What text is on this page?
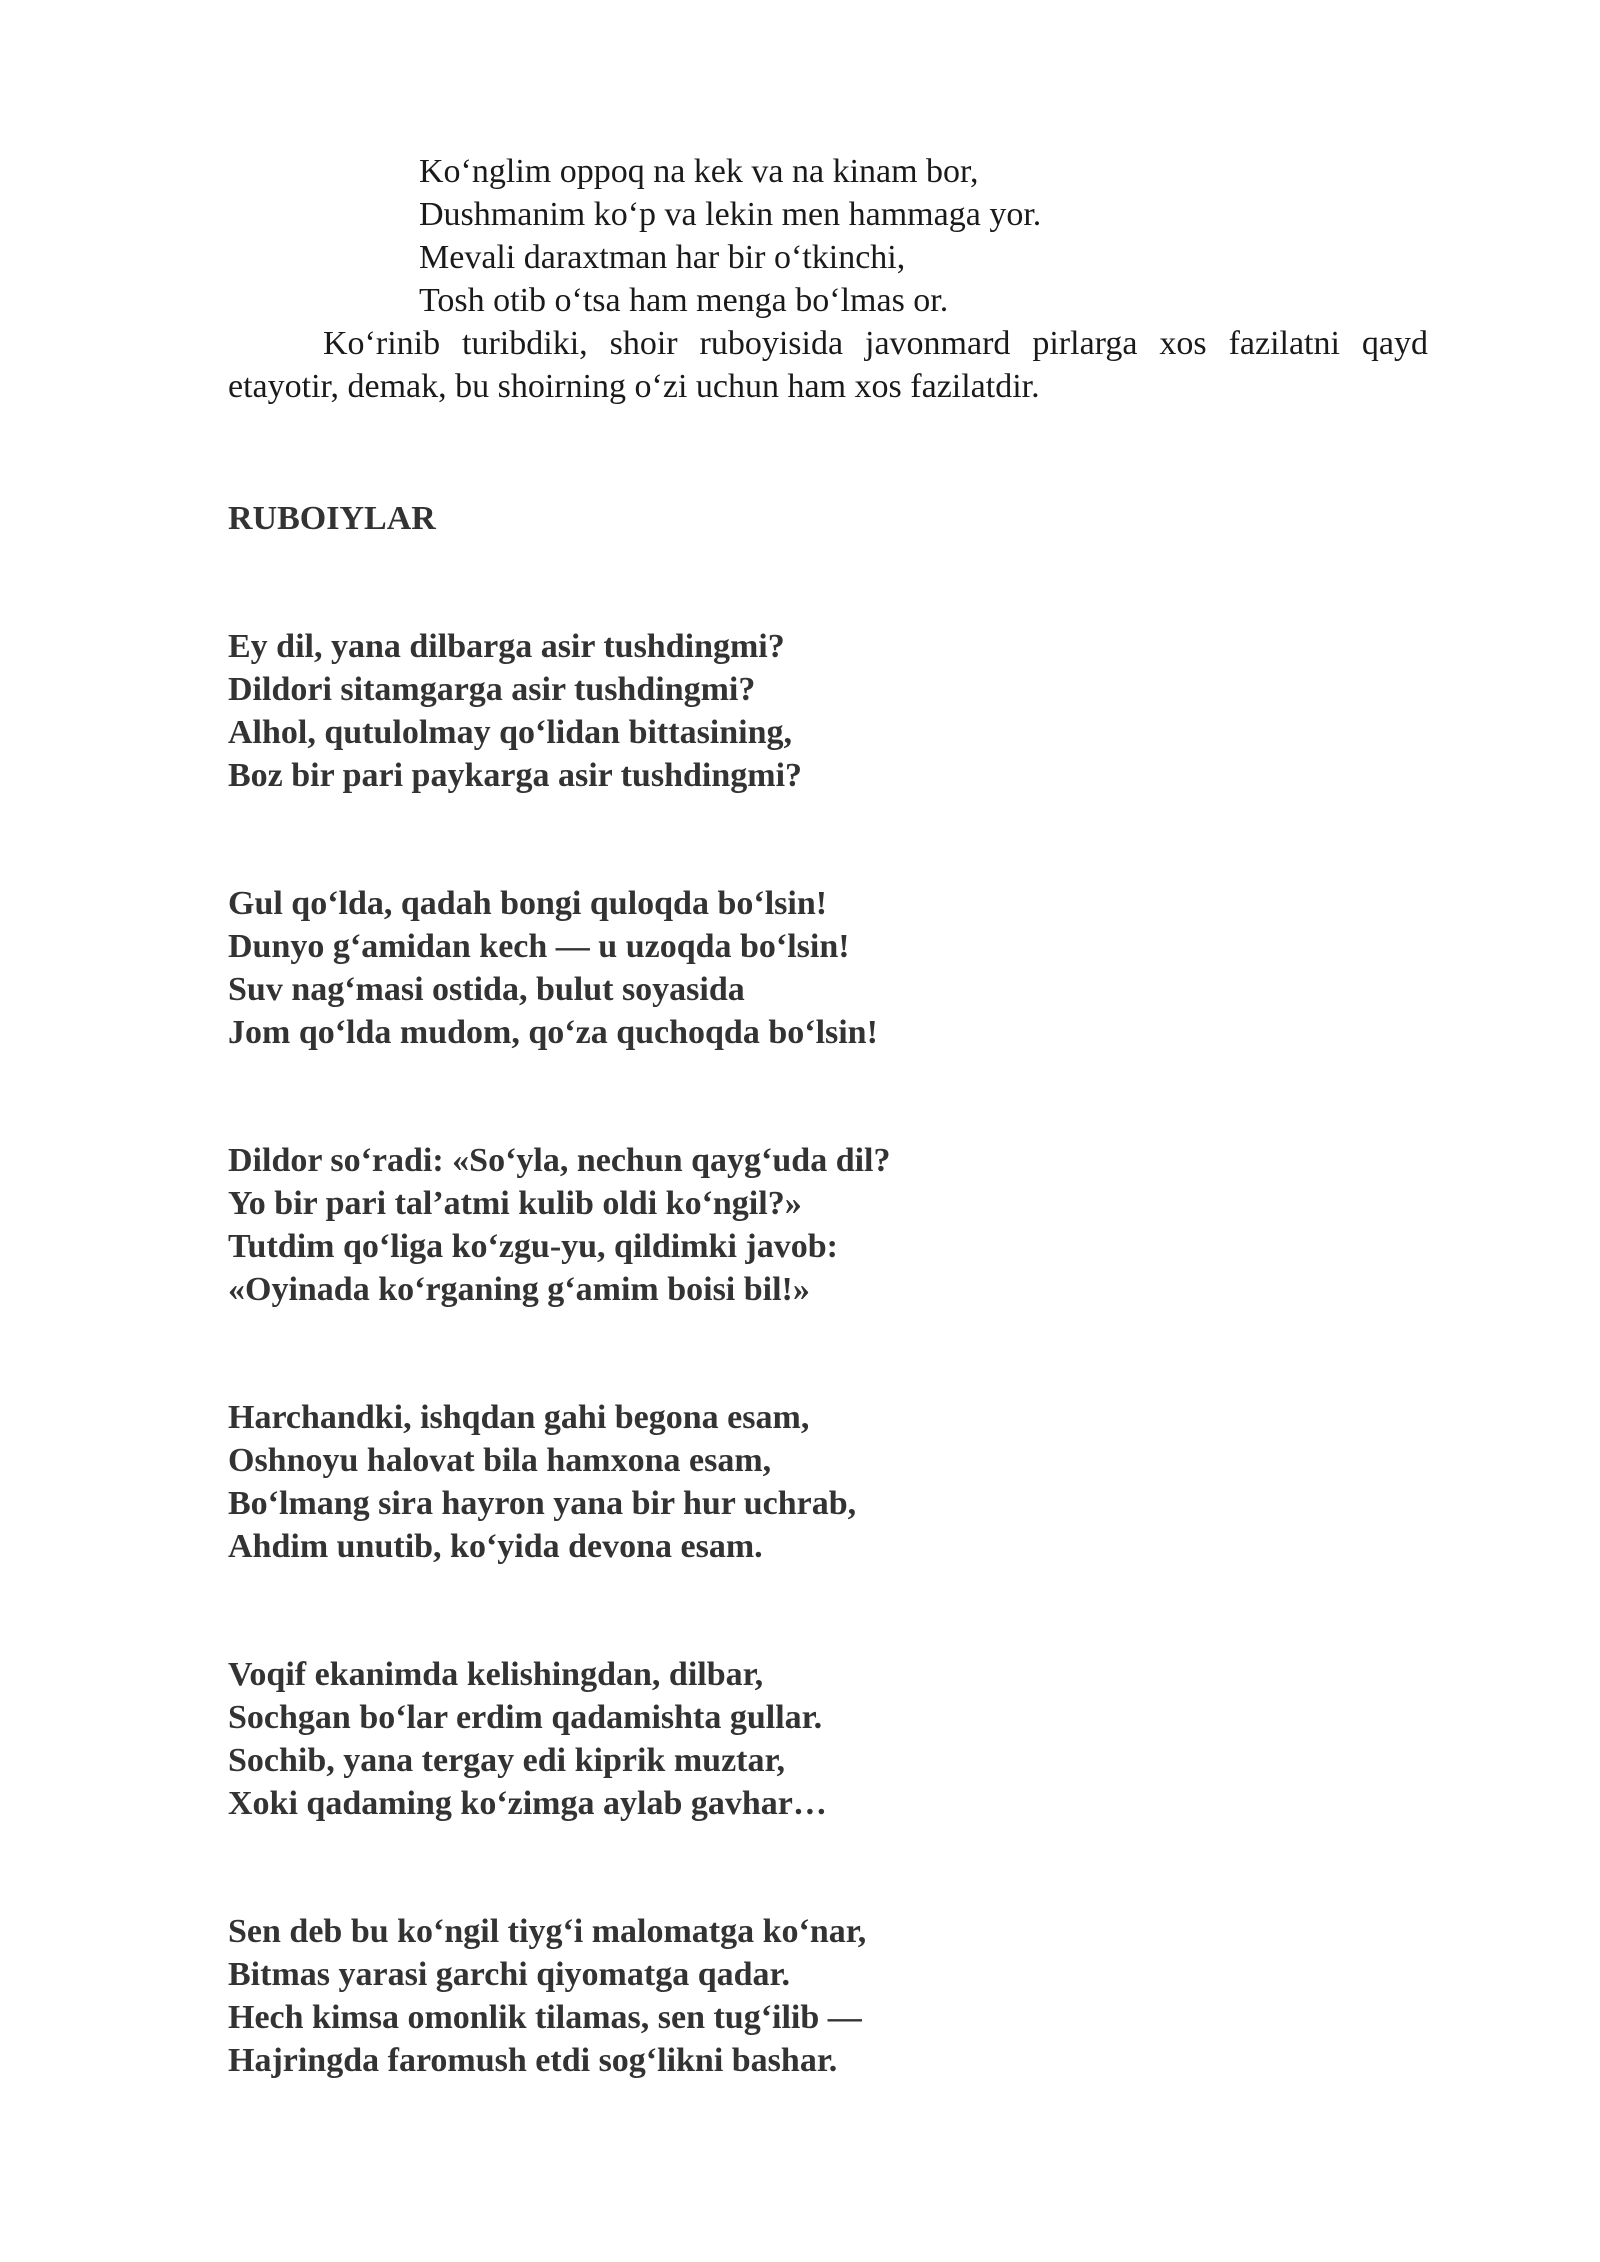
Ko‘nglim oppoq na kek va na kinam bor,
Dushmanim ko‘p va lekin men hammaga yor.
Mevali daraxtman har bir o‘tkinchi,
Tosh otib o‘tsa ham menga bo‘lmas or.

Ko‘rinib turibdiki, shoir ruboyisida javonmard pirlarga xos fazilatni qayd etayotir, demak, bu shoirning o‘zi uchun ham xos fazilatdir.

RUBOIYLAR
Ey dil, yana dilbarga asir tushdingmi?
Dildori sitamgarga asir tushdingmi?
Alhol, qutulolmay qo‘lidan bittasining,
Boz bir pari paykarga asir tushdingmi?
Gul qo‘lda, qadah bongi quloqda bo‘lsin!
Dunyo g‘amidan kech — u uzoqda bo‘lsin!
Suv nag‘masi ostida, bulut soyasida
Jom qo‘lda mudom, qo‘za quchoqda bo‘lsin!
Dildor so‘radi: «So‘yla, nechun qayg‘uda dil?
Yo bir pari tal’atmi kulib oldi ko‘ngil?»
Tutdim qo‘liga ko‘zgu-yu, qildimki javob:
«Oyinada ko‘rganing g‘amim boisi bil!»
Harchandki, ishqdan gahi begona esam,
Oshnoyu halovat bila hamxona esam,
Bo‘lmang sira hayron yana bir hur uchrab,
Ahdim unutib, ko‘yida devona esam.
Voqif ekanimda kelishingdan, dilbar,
Sochgan bo‘lar erdim qadamishta gullar.
Sochib, yana tergay edi kiprik muztar,
Xoki qadaming ko‘zimga aylab gavhar…
Sen deb bu ko‘ngil tiyg‘i malomatga ko‘nar,
Bitmas yarasi garchi qiyomatga qadar.
Hech kimsa omonlik tilamas, sen tug‘ilib —
Hajringda faromush etdi sog‘likni bashar.
